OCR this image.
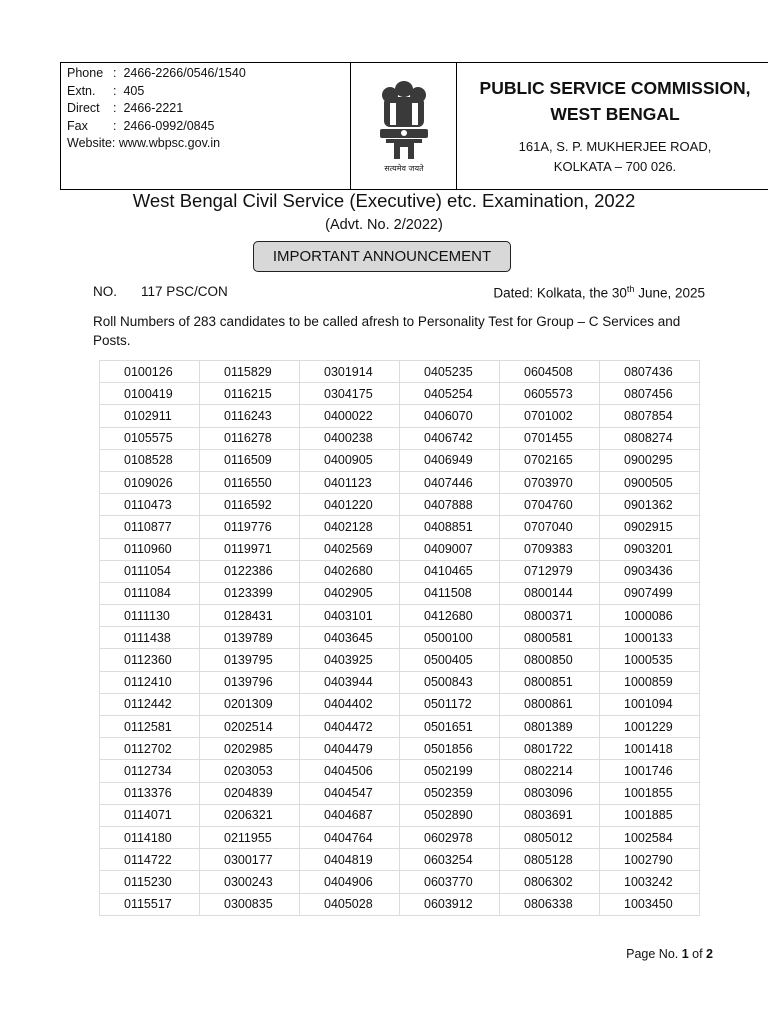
Phone :
2466-2266/0546/1540
Extn.	:
405
Direct	:
2466-2221
Fax	:
2466-0992/0845
Website:
www.wbpsc.gov.in
सत्यमेव जयते
PUBLIC SERVICE COMMISSION,
WEST BENGAL
161A, S. P. MUKHERJEE ROAD,
KOLKATA – 700 026.
West Bengal Civil Service (Executive) etc. Examination, 2022
(Advt. No. 2/2022)
IMPORTANT ANNOUNCEMENT
NO. 117 PSC/CON	Dated: Kolkata, the 30th June, 2025
Roll Numbers of 283 candidates to be called afresh to Personality Test for Group – C Services and Posts.
0100126	0115829	0301914	0405235	0604508	0807436
0100419	0116215	0304175	0405254	0605573	0807456
0102911	0116243	0400022	0406070	0701002	0807854
0105575	0116278	0400238	0406742	0701455	0808274
0108528	0116509	0400905	0406949	0702165	0900295
0109026	0116550	0401123	0407446	0703970	0900505
0110473	0116592	0401220	0407888	0704760	0901362
0110877	0119776	0402128	0408851	0707040	0902915
0110960	0119971	0402569	0409007	0709383	0903201
0111054	0122386	0402680	0410465	0712979	0903436
0111084	0123399	0402905	0411508	0800144	0907499
0111130	0128431	0403101	0412680	0800371	1000086
0111438	0139789	0403645	0500100	0800581	1000133
0112360	0139795	0403925	0500405	0800850	1000535
0112410	0139796	0403944	0500843	0800851	1000859
0112442	0201309	0404402	0501172	0800861	1001094
0112581	0202514	0404472	0501651	0801389	1001229
0112702	0202985	0404479	0501856	0801722	1001418
0112734	0203053	0404506	0502199	0802214	1001746
0113376	0204839	0404547	0502359	0803096	1001855
0114071	0206321	0404687	0502890	0803691	1001885
0114180	0211955	0404764	0602978	0805012	1002584
0114722	0300177	0404819	0603254	0805128	1002790
0115230	0300243	0404906	0603770	0806302	1003242
0115517	0300835	0405028	0603912	0806338	1003450
Page No. 1 of 2
